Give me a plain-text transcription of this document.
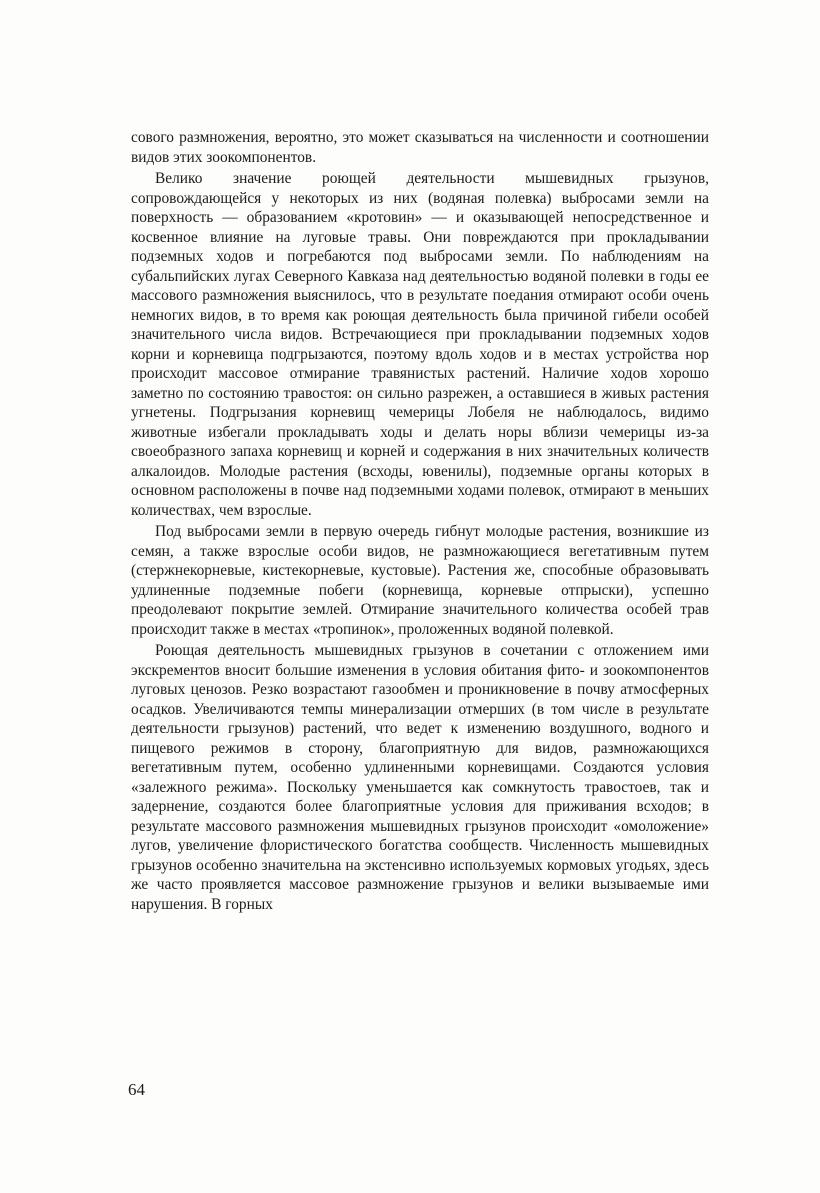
сового размножения, вероятно, это может сказываться на численности и соотношении видов этих зоокомпонентов.

Велико значение роющей деятельности мышевидных грызунов, сопровождающейся у некоторых из них (водяная полевка) выбросами земли на поверхность — образованием «кротовин» — и оказывающей непосредственное и косвенное влияние на луговые травы. Они повреждаются при прокладывании подземных ходов и погребаются под выбросами земли. По наблюдениям на субальпийских лугах Северного Кавказа над деятельностью водяной полевки в годы ее массового размножения выяснилось, что в результате поедания отмирают особи очень немногих видов, в то время как роющая деятельность была причиной гибели особей значительного числа видов. Встречающиеся при прокладывании подземных ходов корни и корневища подгрызаются, поэтому вдоль ходов и в местах устройства нор происходит массовое отмирание травянистых растений. Наличие ходов хорошо заметно по состоянию травостоя: он сильно разрежен, а оставшиеся в живых растения угнетены. Подгрызания корневищ чемерицы Лобеля не наблюдалось, видимо животные избегали прокладывать ходы и делать норы вблизи чемерицы из-за своеобразного запаха корневищ и корней и содержания в них значительных количеств алкалоидов. Молодые растения (всходы, ювенилы), подземные органы которых в основном расположены в почве над подземными ходами полевок, отмирают в меньших количествах, чем взрослые.

Под выбросами земли в первую очередь гибнут молодые растения, возникшие из семян, а также взрослые особи видов, не размножающиеся вегетативным путем (стержнекорневые, кистекорневые, кустовые). Растения же, способные образовывать удлиненные подземные побеги (корневища, корневые отпрыски), успешно преодолевают покрытие землей. Отмирание значительного количества особей трав происходит также в местах «тропинок», проложенных водяной полевкой.

Роющая деятельность мышевидных грызунов в сочетании с отложением ими экскрементов вносит большие изменения в условия обитания фито- и зоокомпонентов луговых ценозов. Резко возрастают газообмен и проникновение в почву атмосферных осадков. Увеличиваются темпы минерализации отмерших (в том числе в результате деятельности грызунов) растений, что ведет к изменению воздушного, водного и пищевого режимов в сторону, благоприятную для видов, размножающихся вегетативным путем, особенно удлиненными корневищами. Создаются условия «залежного режима». Поскольку уменьшается как сомкнутость травостоев, так и задернение, создаются более благоприятные условия для приживания всходов; в результате массового размножения мышевидных грызунов происходит «омоложение» лугов, увеличение флористического богатства сообществ. Численность мышевидных грызунов особенно значительна на экстенсивно используемых кормовых угодьях, здесь же часто проявляется массовое размножение грызунов и велики вызываемые ими нарушения. В горных

64
